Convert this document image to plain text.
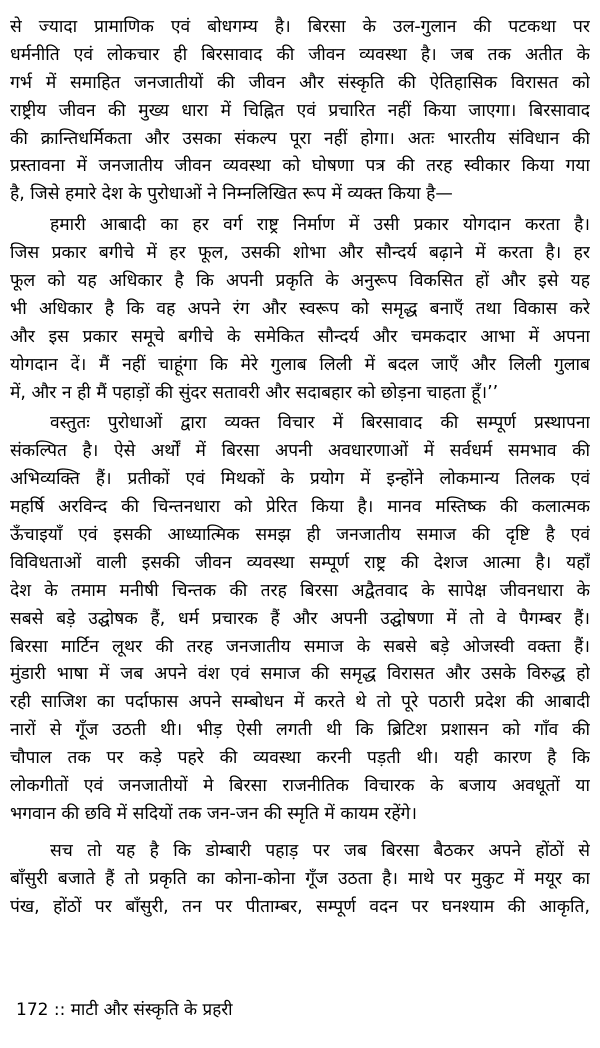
से ज्यादा प्रामाणिक एवं बोधगम्य है। बिरसा के उल-गुलान की पटकथा पर
धर्मनीति एवं लोकचार ही बिरसावाद की जीवन व्यवस्था है। जब तक अतीत के
गर्भ में समाहित जनजातीयों की जीवन और संस्कृति की ऐतिहासिक विरासत को
राष्ट्रीय जीवन की मुख्य धारा में चिह्नित एवं प्रचारित नहीं किया जाएगा। बिरसावाद
की क्रान्तिधर्मिकता और उसका संकल्प पूरा नहीं होगा। अतः भारतीय संविधान की
प्रस्तावना में जनजातीय जीवन व्यवस्था को घोषणा पत्र की तरह स्वीकार किया गया
है, जिसे हमारे देश के पुरोधाओं ने निम्नलिखित रूप में व्यक्त किया है—
हमारी आबादी का हर वर्ग राष्ट्र निर्माण में उसी प्रकार योगदान करता है।
जिस प्रकार बगीचे में हर फूल, उसकी शोभा और सौन्दर्य बढ़ाने में करता है। हर
फूल को यह अधिकार है कि अपनी प्रकृति के अनुरूप विकसित हों और इसे यह
भी अधिकार है कि वह अपने रंग और स्वरूप को समृद्ध बनाएँ तथा विकास करे
और इस प्रकार समूचे बगीचे के समेकित सौन्दर्य और चमकदार आभा में अपना
योगदान दें। मैं नहीं चाहूंगा कि मेरे गुलाब लिली में बदल जाएँ और लिली गुलाब
में, और न ही मैं पहाड़ों की सुंदर सतावरी और सदाबहार को छोड़ना चाहता हूँ।’’
वस्तुतः पुरोधाओं द्वारा व्यक्त विचार में बिरसावाद की सम्पूर्ण प्रस्थापना
संकल्पित है। ऐसे अर्थों में बिरसा अपनी अवधारणाओं में सर्वधर्म समभाव की
अभिव्यक्ति हैं। प्रतीकों एवं मिथकों के प्रयोग में इन्होंने लोकमान्य तिलक एवं
महर्षि अरविन्द की चिन्तनधारा को प्रेरित किया है। मानव मस्तिष्क की कलात्मक
ऊँचाइयाँ एवं इसकी आध्यात्मिक समझ ही जनजातीय समाज की दृष्टि है एवं
विविधताओं वाली इसकी जीवन व्यवस्था सम्पूर्ण राष्ट्र की देशज आत्मा है। यहाँ
देश के तमाम मनीषी चिन्तक की तरह बिरसा अद्वैतवाद के सापेक्ष जीवनधारा के
सबसे बड़े उद्घोषक हैं, धर्म प्रचारक हैं और अपनी उद्घोषणा में तो वे पैगम्बर हैं।
बिरसा मार्टिन लूथर की तरह जनजातीय समाज के सबसे बड़े ओजस्वी वक्ता हैं।
मुंडारी भाषा में जब अपने वंश एवं समाज की समृद्ध विरासत और उसके विरुद्ध हो
रही साजिश का पर्दाफास अपने सम्बोधन में करते थे तो पूरे पठारी प्रदेश की आबादी
नारों से गूँज उठती थी। भीड़ ऐसी लगती थी कि ब्रिटिश प्रशासन को गाँव की
चौपाल तक पर कड़े पहरे की व्यवस्था करनी पड़ती थी। यही कारण है कि
लोकगीतों एवं जनजातीयों मे बिरसा राजनीतिक विचारक के बजाय अवधूतों या
भगवान की छवि में सदियों तक जन-जन की स्मृति में कायम रहेंगे।
सच तो यह है कि डोम्बारी पहाड़ पर जब बिरसा बैठकर अपने होंठों से
बाँसुरी बजाते हैं तो प्रकृति का कोना-कोना गूँज उठता है। माथे पर मुकुट में मयूर का
पंख, होंठों पर बाँसुरी, तन पर पीताम्बर, सम्पूर्ण वदन पर घनश्याम की आकृति,
172 :: माटी और संस्कृति के प्रहरी
